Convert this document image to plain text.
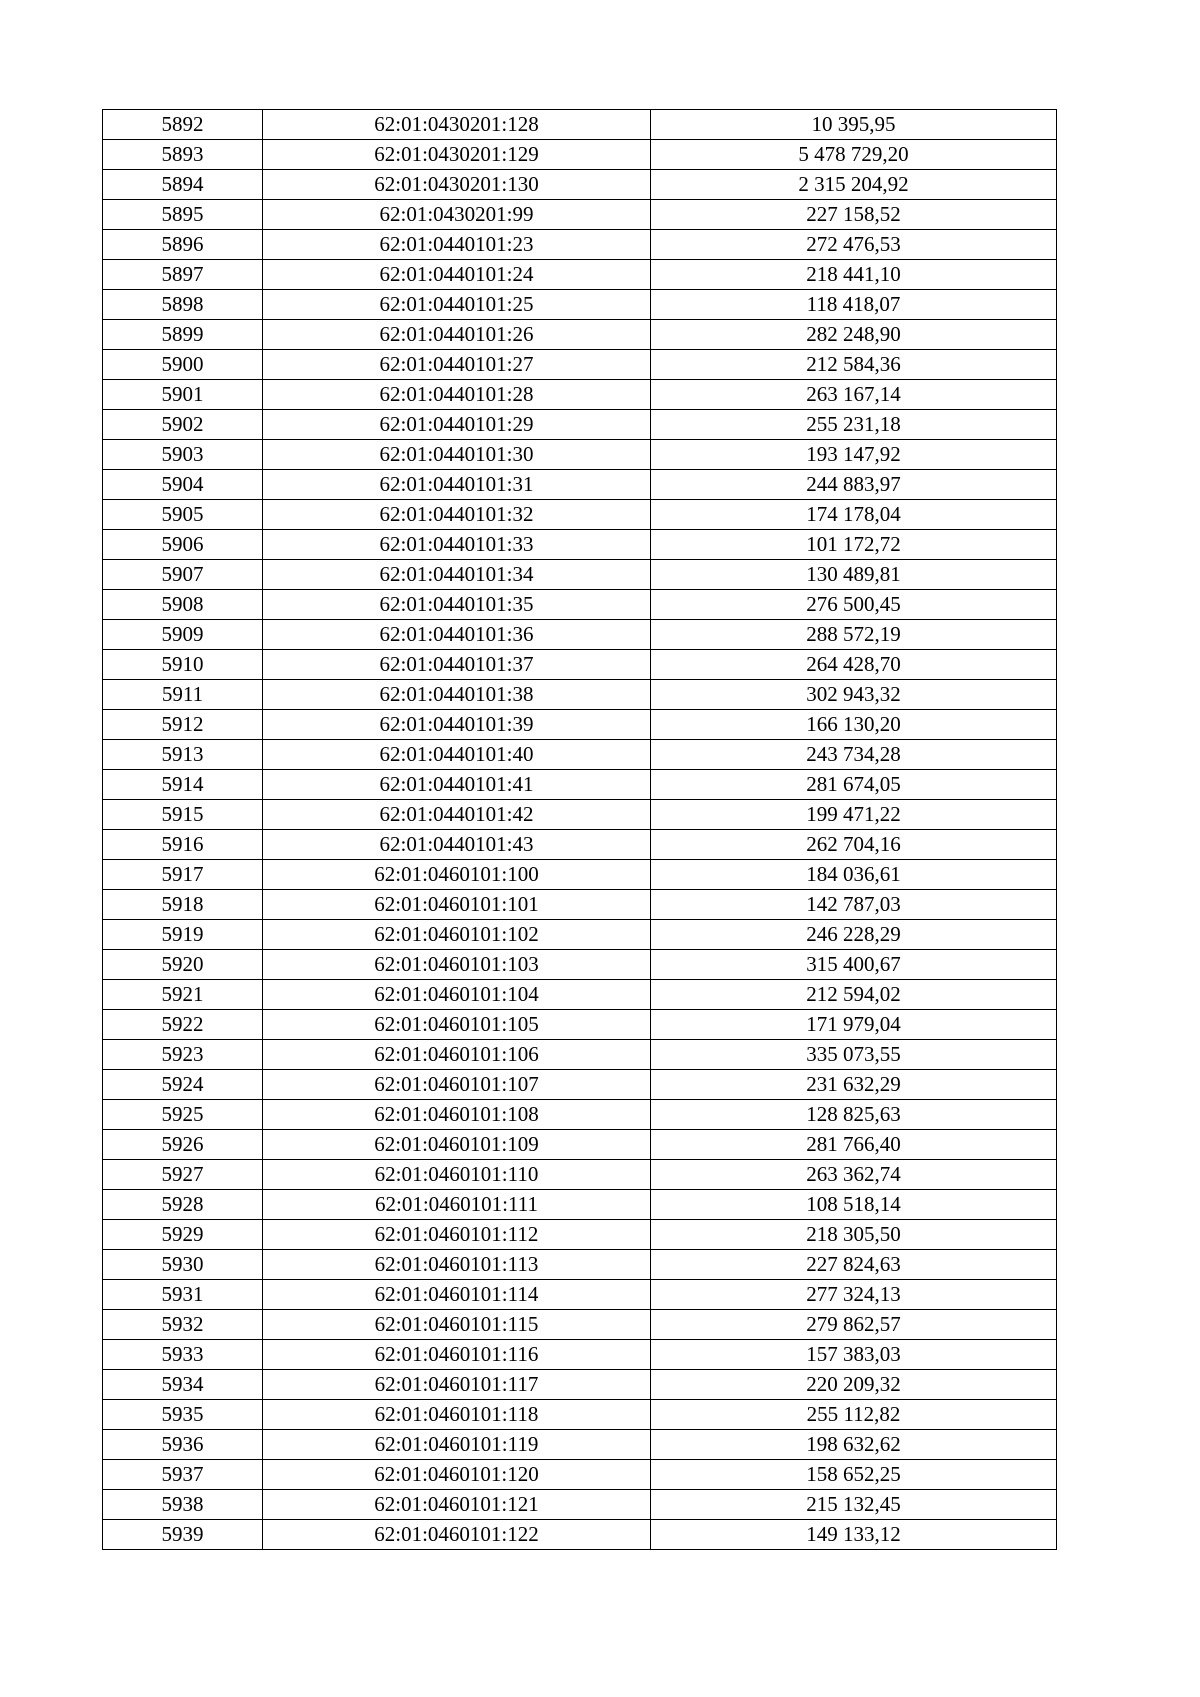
5892	62:01:0430201:128	10 395,95
5893	62:01:0430201:129	5 478 729,20
5894	62:01:0430201:130	2 315 204,92
5895	62:01:0430201:99	227 158,52
5896	62:01:0440101:23	272 476,53
5897	62:01:0440101:24	218 441,10
5898	62:01:0440101:25	118 418,07
5899	62:01:0440101:26	282 248,90
5900	62:01:0440101:27	212 584,36
5901	62:01:0440101:28	263 167,14
5902	62:01:0440101:29	255 231,18
5903	62:01:0440101:30	193 147,92
5904	62:01:0440101:31	244 883,97
5905	62:01:0440101:32	174 178,04
5906	62:01:0440101:33	101 172,72
5907	62:01:0440101:34	130 489,81
5908	62:01:0440101:35	276 500,45
5909	62:01:0440101:36	288 572,19
5910	62:01:0440101:37	264 428,70
5911	62:01:0440101:38	302 943,32
5912	62:01:0440101:39	166 130,20
5913	62:01:0440101:40	243 734,28
5914	62:01:0440101:41	281 674,05
5915	62:01:0440101:42	199 471,22
5916	62:01:0440101:43	262 704,16
5917	62:01:0460101:100	184 036,61
5918	62:01:0460101:101	142 787,03
5919	62:01:0460101:102	246 228,29
5920	62:01:0460101:103	315 400,67
5921	62:01:0460101:104	212 594,02
5922	62:01:0460101:105	171 979,04
5923	62:01:0460101:106	335 073,55
5924	62:01:0460101:107	231 632,29
5925	62:01:0460101:108	128 825,63
5926	62:01:0460101:109	281 766,40
5927	62:01:0460101:110	263 362,74
5928	62:01:0460101:111	108 518,14
5929	62:01:0460101:112	218 305,50
5930	62:01:0460101:113	227 824,63
5931	62:01:0460101:114	277 324,13
5932	62:01:0460101:115	279 862,57
5933	62:01:0460101:116	157 383,03
5934	62:01:0460101:117	220 209,32
5935	62:01:0460101:118	255 112,82
5936	62:01:0460101:119	198 632,62
5937	62:01:0460101:120	158 652,25
5938	62:01:0460101:121	215 132,45
5939	62:01:0460101:122	149 133,12
